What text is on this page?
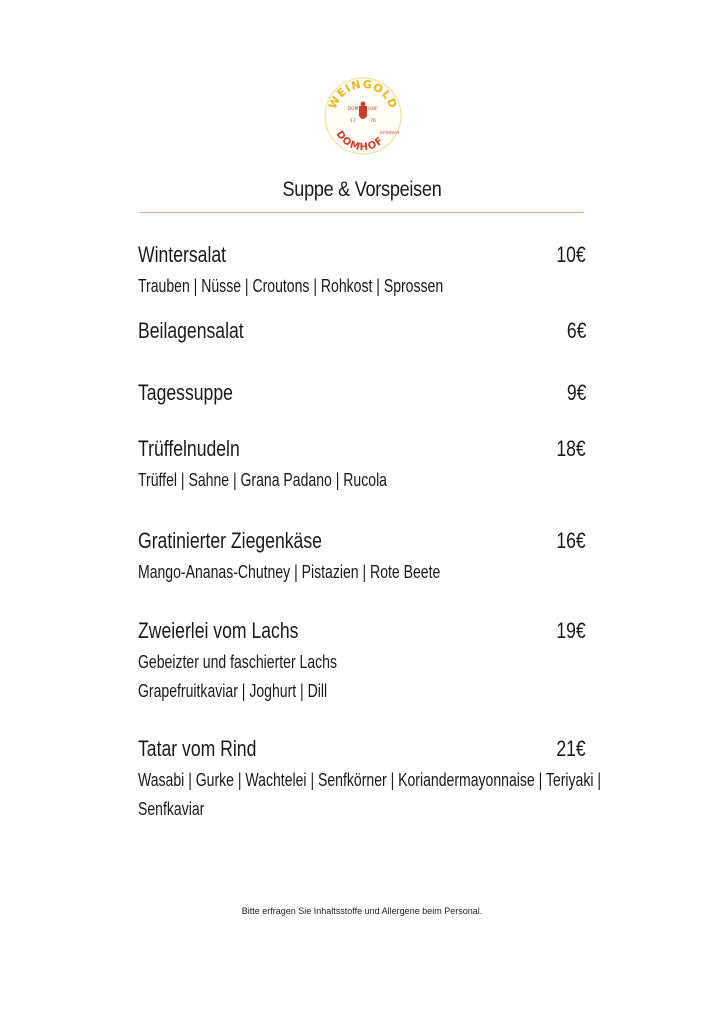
WEINGOLD
DOMHOF
erleben
DOM HOF
17	76
Suppe & Vorspeisen
Wintersalat	10€
Trauben | Nüsse | Croutons | Rohkost | Sprossen
Beilagensalat	6€
Tagessuppe	9€
Trüffelnudeln	18€
Trüffel | Sahne | Grana Padano | Rucola
Gratinierter Ziegenkäse	16€
Mango-Ananas-Chutney | Pistazien | Rote Beete
Zweierlei vom Lachs	19€
Gebeizter und faschierter Lachs
Grapefruitkaviar | Joghurt | Dill
Tatar vom Rind	21€
Wasabi | Gurke | Wachtelei | Senfkörner | Koriandermayonnaise | Teriyaki |
Senfkaviar
Bitte erfragen Sie Inhaltsstoffe und Allergene beim Personal.
